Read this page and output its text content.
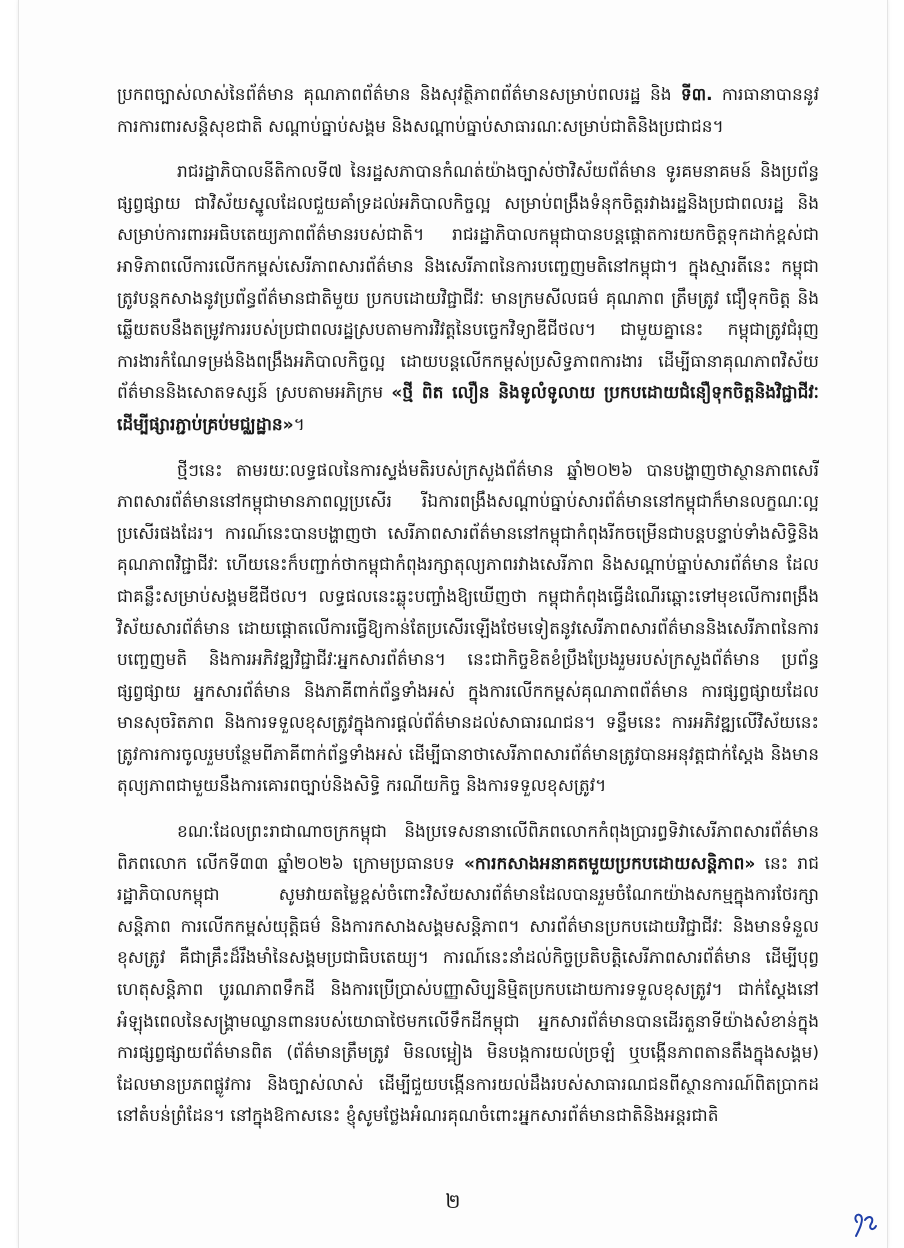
ប្រកពច្បាស់លាស់នៃព័ត៌មាន គុណភាពព័ត៌មាន និងសុវត្ថិភាពព័ត៌មានសម្រាប់ពលរដ្ឋ និង ទី៣. ការធានាបាននូវការការពារសន្តិសុខជាតិ សណ្តាប់ធ្នាប់សង្គម និងសណ្តាប់ធ្នាប់សាធារណៈសម្រាប់ជាតិនិងប្រជាជន។

រាជរដ្ឋាភិបាលនីតិកាលទី៧ នៃរដ្ឋសភាបានកំណត់យ៉ាងច្បាស់ថាវិស័យព័ត៌មាន ទូរគមនាគមន៍ និងប្រព័ន្ធផ្សព្វផ្សាយ ជាវិស័យស្នូលដែលជួយគាំទ្រដល់អភិបាលកិច្ចល្អ សម្រាប់ពង្រឹងទំនុកចិត្តរវាងរដ្ឋនិងប្រជាពលរដ្ឋ និងសម្រាប់ការពារអធិបតេយ្យភាពព័ត៌មានរបស់ជាតិ។ រាជរដ្ឋាភិបាលកម្ពុជាបានបន្តផ្តោតការយកចិត្តទុកដាក់ខ្ពស់ជាអាទិភាពលើការលើកកម្ពស់សេរីភាពសារព័ត៌មាន និងសេរីភាពនៃការបញ្ចេញមតិនៅកម្ពុជា។ ក្នុងស្មារតីនេះ កម្ពុជាត្រូវបន្តកសាងនូវប្រព័ន្ធព័ត៌មានជាតិមួយ ប្រកបដោយវិជ្ជាជីវៈ មានក្រមសីលធម៌ គុណភាព ត្រឹមត្រូវ ជឿទុកចិត្ត និងឆ្លើយតបនឹងតម្រូវការរបស់ប្រជាពលរដ្ឋស្របតាមការវិវត្តនៃបច្ចេកវិទ្យាឌីជីថល។ ជាមួយគ្នានេះ កម្ពុជាត្រូវជំរុញការងារកំណែទម្រង់និងពង្រឹងអភិបាលកិច្ចល្អ ដោយបន្តលើកកម្ពស់ប្រសិទ្ធភាពការងារ ដើម្បីធានាគុណភាពវិស័យព័ត៌មាននិងសោតទស្សន៍ ស្របតាមអភិក្រម «ថ្មី ពិត លឿន និងទូលំទូលាយ ប្រកបដោយជំនឿទុកចិត្តនិងវិជ្ជាជីវៈ ដើម្បីផ្សារភ្ជាប់គ្រប់មជ្ឈដ្ឋាន»។

ថ្មីៗនេះ តាមរយៈលទ្ធផលនៃការស្ទង់មតិរបស់ក្រសួងព័ត៌មាន ឆ្នាំ២០២៦ បានបង្ហាញថាស្ថានភាពសេរីភាពសារព័ត៌មាននៅកម្ពុជាមានភាពល្អប្រសើរ រីឯការពង្រឹងសណ្តាប់ធ្នាប់សារព័ត៌មាននៅកម្ពុជាក៏មានលក្ខណៈល្អប្រសើរផងដែរ។ ការណ៍នេះបានបង្ហាញថា សេរីភាពសារព័ត៌មាននៅកម្ពុជាកំពុងរីកចម្រើនជាបន្តបន្ទាប់ទាំងសិទ្ធិនិងគុណភាពវិជ្ជាជីវៈ ហើយនេះក៏បញ្ជាក់ថាកម្ពុជាកំពុងរក្សាតុល្យភាពរវាងសេរីភាព និងសណ្តាប់ធ្នាប់សារព័ត៌មាន ដែលជាគន្លឹះសម្រាប់សង្គមឌីជីថល។ លទ្ធផលនេះឆ្លុះបញ្ចាំងឱ្យឃើញថា កម្ពុជាកំពុងធ្វើដំណើរឆ្ពោះទៅមុខលើការពង្រឹងវិស័យសារព័ត៌មាន ដោយផ្តោតលើការធ្វើឱ្យកាន់តែប្រសើរឡើងថែមទៀតនូវសេរីភាពសារព័ត៌មាននិងសេរីភាពនៃការបញ្ចេញមតិ និងការអភិវឌ្ឍវិជ្ជាជីវៈអ្នកសារព័ត៌មាន។ នេះជាកិច្ចខិតខំប្រឹងប្រែងរួមរបស់ក្រសួងព័ត៌មាន ប្រព័ន្ធផ្សព្វផ្សាយ អ្នកសារព័ត៌មាន និងភាគីពាក់ព័ន្ធទាំងអស់ ក្នុងការលើកកម្ពស់គុណភាពព័ត៌មាន ការផ្សព្វផ្សាយដែលមានសុចរិតភាព និងការទទួលខុសត្រូវក្នុងការផ្តល់ព័ត៌មានដល់សាធារណជន។ ទន្ទឹមនេះ ការអភិវឌ្ឍលើវិស័យនេះ ត្រូវការការចូលរួមបន្ថែមពីភាគីពាក់ព័ន្ធទាំងអស់ ដើម្បីធានាថាសេរីភាពសារព័ត៌មានត្រូវបានអនុវត្តជាក់ស្តែង និងមានតុល្យភាពជាមួយនឹងការគោរពច្បាប់និងសិទ្ធិ ករណីយកិច្ច និងការទទួលខុសត្រូវ។

ខណៈដែលព្រះរាជាណាចក្រកម្ពុជា និងប្រទេសនានាលើពិភពលោកកំពុងប្រារព្ធទិវាសេរីភាពសារព័ត៌មានពិភពលោក លើកទី៣៣ ឆ្នាំ២០២៦ ក្រោមប្រធានបទ «ការកសាងអនាគតមួយប្រកបដោយសន្តិភាព» នេះ រាជរដ្ឋាភិបាលកម្ពុជា សូមវាយតម្លៃខ្ពស់ចំពោះវិស័យសារព័ត៌មានដែលបានរួមចំណែកយ៉ាងសកម្មក្នុងការថែរក្សាសន្តិភាព ការលើកកម្ពស់យុត្តិធម៌ និងការកសាងសង្គមសន្តិភាព។ សារព័ត៌មានប្រកបដោយវិជ្ជាជីវៈ និងមានទំនួលខុសត្រូវ គឺជាគ្រឹះដ៏រឹងមាំនៃសង្គមប្រជាធិបតេយ្យ។ ការណ៍នេះនាំដល់កិច្ចប្រតិបត្តិសេរីភាពសារព័ត៌មាន ដើម្បីបុព្វហេតុសន្តិភាព បូរណភាពទឹកដី និងការប្រើប្រាស់បញ្ញាសិប្បនិម្មិតប្រកបដោយការទទួលខុសត្រូវ។ ជាក់ស្តែងនៅអំឡុងពេលនៃសង្គ្រាមឈ្លានពានរបស់យោធាថៃមកលើទឹកដីកម្ពុជា អ្នកសារព័ត៌មានបានដើរតួនាទីយ៉ាងសំខាន់ក្នុងការផ្សព្វផ្សាយព័ត៌មានពិត (ព័ត៌មានត្រឹមត្រូវ មិនលម្អៀង មិនបង្កការយល់ច្រឡំ ឬបង្កើនភាពតានតឹងក្នុងសង្គម) ដែលមានប្រភពផ្លូវការ និងច្បាស់លាស់ ដើម្បីជួយបង្កើនការយល់ដឹងរបស់សាធារណជនពីស្ថានការណ៍ពិតប្រាកដនៅតំបន់ព្រំដែន។ នៅក្នុងឱកាសនេះ ខ្ញុំសូមថ្លែងអំណរគុណចំពោះអ្នកសារព័ត៌មានជាតិនិងអន្តរជាតិ

២
